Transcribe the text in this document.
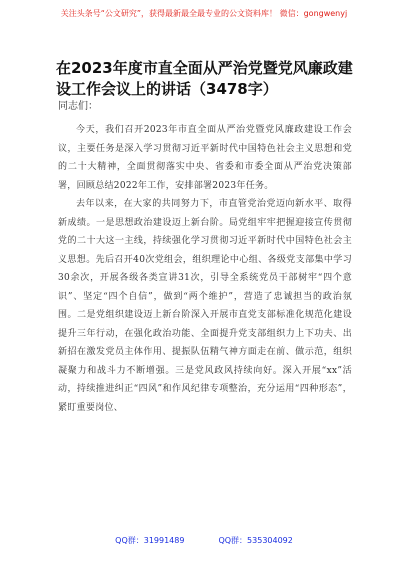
关注头条号“公文研究”，获得最新最全最专业的公文资料库！ 微信：gongwenyj
在2023年度市直全面从严治党暨党风廉政建设工作会议上的讲话（3478字）

同志们：

今天，我们召开2023年市直全面从严治党暨党风廉政建设工作会议，主要任务是深入学习贯彻习近平新时代中国特色社会主义思想和党的二十大精神，全面贯彻落实中央、省委和市委全面从严治党决策部署，回顾总结2022年工作，安排部署2023年任务。

去年以来，在大家的共同努力下，市直管党治党迈向新水平、取得新成绩。一是思想政治建设迈上新台阶。局党组牢牢把握迎接宣传贯彻党的二十大这一主线，持续强化学习贯彻习近平新时代中国特色社会主义思想。先后召开40次党组会，组织理论中心组、各级党支部集中学习30余次，开展各级各类宣讲31次，引导全系统党员干部树牢“四个意识”、坚定“四个自信”，做到“两个维护”，营造了忠诚担当的政治氛围。二是党组织建设迈上新台阶深入开展市直党支部标准化规范化建设提升三年行动，在强化政治功能、全面提升党支部组织力上下功夫、出新招在激发党员主体作用、提振队伍精气神方面走在前、做示范，组织凝聚力和战斗力不断增强。三是党风政风持续向好。深入开展“xx”活动，持续推进纠正“四风”和作风纪律专项整治，充分运用“四种形态”，紧盯重要岗位、

QQ群：31991489	QQ群：535304092
